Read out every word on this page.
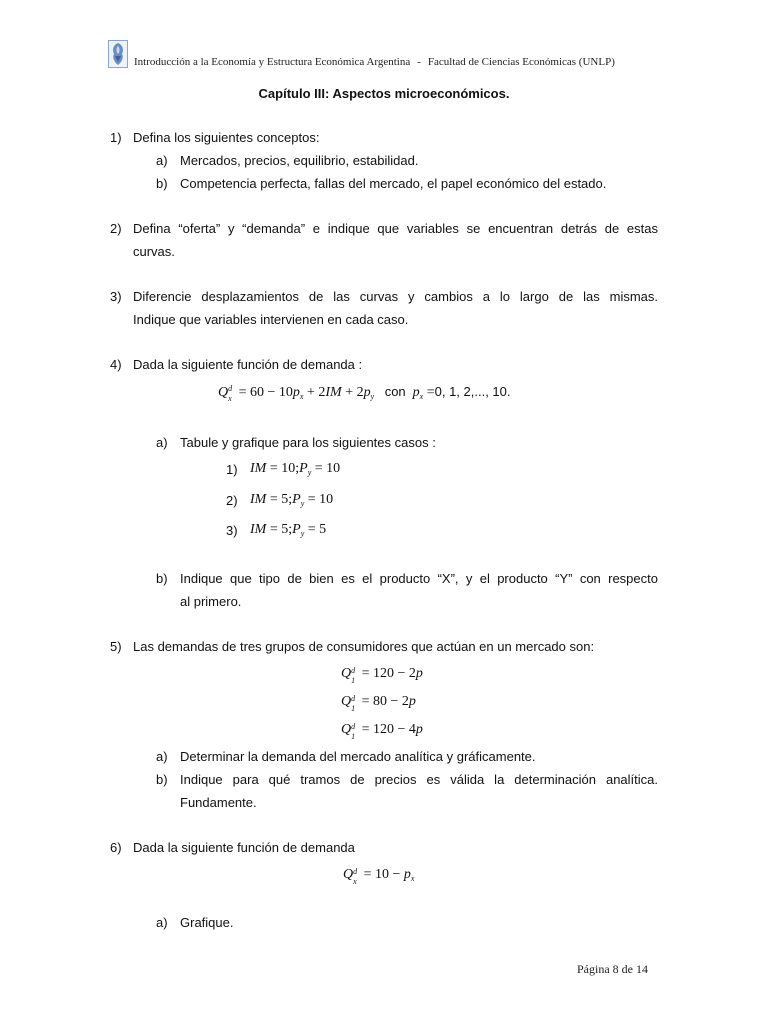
Introducción a la Economía y Estructura Económica Argentina - Facultad de Ciencias Económicas (UNLP)
Capítulo III: Aspectos microeconómicos.
1) Defina los siguientes conceptos:
a) Mercados, precios, equilibrio, estabilidad.
b) Competencia perfecta, fallas del mercado, el papel económico del estado.
2) Defina “oferta” y “demanda” e indique que variables se encuentran detrás de estas
curvas.
3) Diferencie desplazamientos de las curvas y cambios a lo largo de las mismas.
Indique que variables intervienen en cada caso.
4) Dada la siguiente función de demanda :
Q d
$x = 60 - 10p_x + 2IM + 2p_y$ con $p_x =0$, 1, 2,..., 10.
a) Tabule y grafique para los siguientes casos :
1) IM = $10;P_y = 10$
2) IM = $5;P_y = 10$
3) IM = $5;P_y = 5$
b) Indique que tipo de bien es el producto “X”, y el producto “Y” con respecto
al primero.
5) Las demandas de tres grupos de consumidores que actúan en un mercado son:
Q d
1 = 120 − 2p
Q d
1 = 80 − 2p
Q d
1 = 120 − 4p
a) Determinar la demanda del mercado analítica y gráficamente.
b) Indique para qué tramos de precios es válida la determinación analítica.
Fundamente.
6) Dada la siguiente función de demanda
Q d
$x = 10 - p_x$
a) Grafique.
Página 8 de 14
